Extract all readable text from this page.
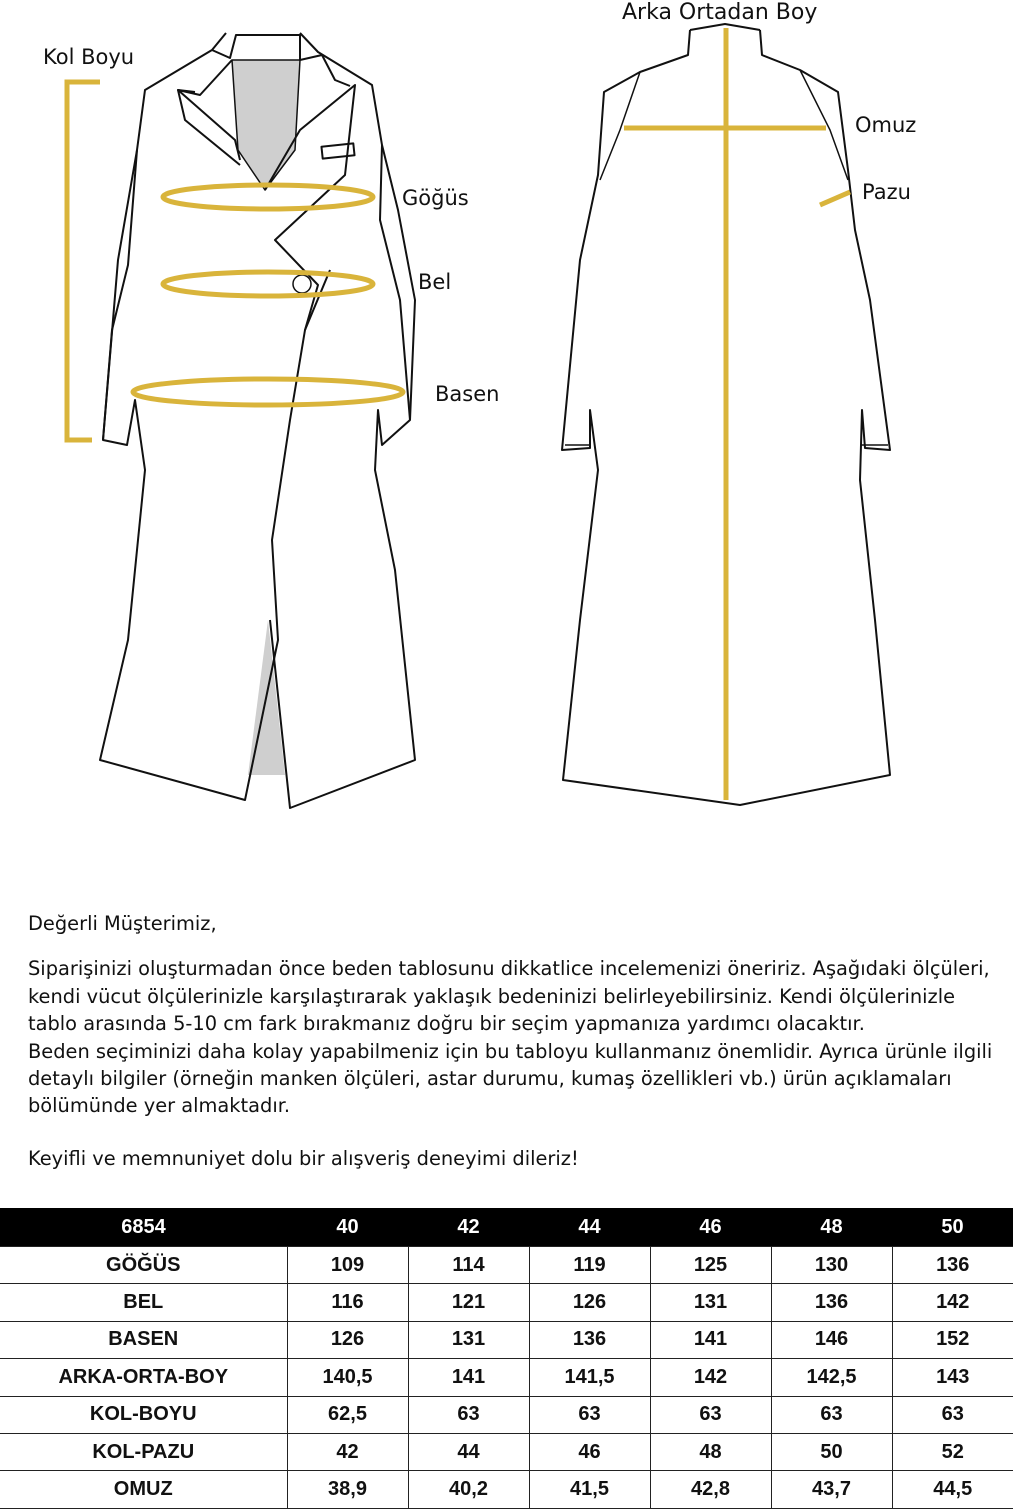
Kol Boyu
Göğüs
Bel
Basen
Arka Ortadan Boy
Omuz
Pazu

Değerli Müşterimiz,

Siparişinizi oluşturmadan önce beden tablosunu dikkatlice incelemenizi öneririz. Aşağıdaki ölçüleri, kendi vücut ölçülerinizle karşılaştırarak yaklaşık bedeninizi belirleyebilirsiniz. Kendi ölçülerinizle tablo arasında 5-10 cm fark bırakmanız doğru bir seçim yapmanıza yardımcı olacaktır.

Beden seçiminizi daha kolay yapabilmeniz için bu tabloyu kullanmanız önemlidir. Ayrıca ürünle ilgili detaylı bilgiler (örneğin manken ölçüleri, astar durumu, kumaş özellikleri vb.) ürün açıklamaları bölümünde yer almaktadır.

Keyifli ve memnuniyet dolu bir alışveriş deneyimi dileriz!

6854	40	42	44	46	48	50
GÖĞÜS	109	114	119	125	130	136
BEL	116	121	126	131	136	142
BASEN	126	131	136	141	146	152
ARKA-ORTA-BOY	140,5	141	141,5	142	142,5	143
KOL-BOYU	62,5	63	63	63	63	63
KOL-PAZU	42	44	46	48	50	52
OMUZ	38,9	40,2	41,5	42,8	43,7	44,5
